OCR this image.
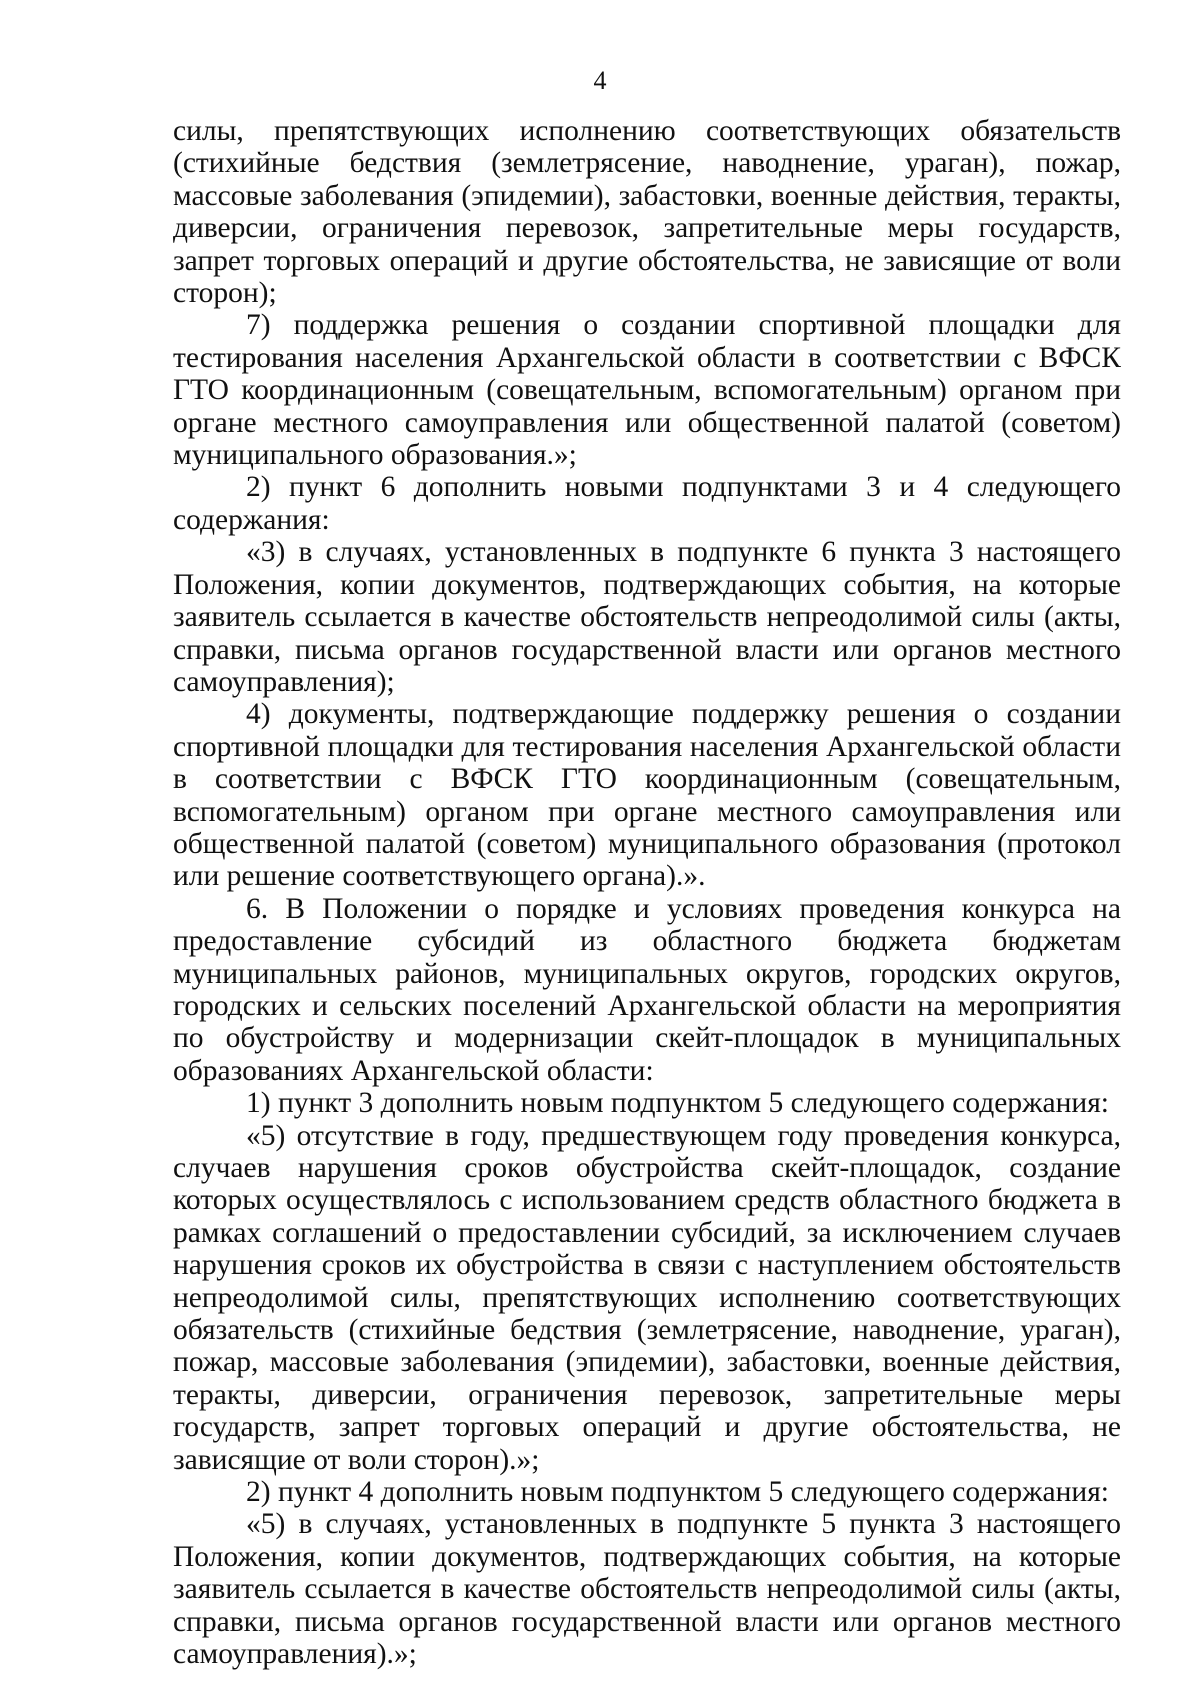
4

силы, препятствующих исполнению соответствующих обязательств (стихийные бедствия (землетрясение, наводнение, ураган), пожар, массовые заболевания (эпидемии), забастовки, военные действия, теракты, диверсии, ограничения перевозок, запретительные меры государств, запрет торговых операций и другие обстоятельства, не зависящие от воли сторон);

7) поддержка решения о создании спортивной площадки для тестирования населения Архангельской области в соответствии с ВФСК ГТО координационным (совещательным, вспомогательным) органом при органе местного самоуправления или общественной палатой (советом) муниципального образования.»;

2) пункт 6 дополнить новыми подпунктами 3 и 4 следующего содержания:

«3) в случаях, установленных в подпункте 6 пункта 3 настоящего Положения, копии документов, подтверждающих события, на которые заявитель ссылается в качестве обстоятельств непреодолимой силы (акты, справки, письма органов государственной власти или органов местного самоуправления);

4) документы, подтверждающие поддержку решения о создании спортивной площадки для тестирования населения Архангельской области в соответствии с ВФСК ГТО координационным (совещательным, вспомогательным) органом при органе местного самоуправления или общественной палатой (советом) муниципального образования (протокол или решение соответствующего органа).».

6. В Положении о порядке и условиях проведения конкурса на предоставление субсидий из областного бюджета бюджетам муниципальных районов, муниципальных округов, городских округов, городских и сельских поселений Архангельской области на мероприятия по обустройству и модернизации скейт-площадок в муниципальных образованиях Архангельской области:

1) пункт 3 дополнить новым подпунктом 5 следующего содержания:

«5) отсутствие в году, предшествующем году проведения конкурса, случаев нарушения сроков обустройства скейт-площадок, создание которых осуществлялось с использованием средств областного бюджета в рамках соглашений о предоставлении субсидий, за исключением случаев нарушения сроков их обустройства в связи с наступлением обстоятельств непреодолимой силы, препятствующих исполнению соответствующих обязательств (стихийные бедствия (землетрясение, наводнение, ураган), пожар, массовые заболевания (эпидемии), забастовки, военные действия, теракты, диверсии, ограничения перевозок, запретительные меры государств, запрет торговых операций и другие обстоятельства, не зависящие от воли сторон).»;

2) пункт 4 дополнить новым подпунктом 5 следующего содержания:

«5) в случаях, установленных в подпункте 5 пункта 3 настоящего Положения, копии документов, подтверждающих события, на которые заявитель ссылается в качестве обстоятельств непреодолимой силы (акты, справки, письма органов государственной власти или органов местного самоуправления).»;
